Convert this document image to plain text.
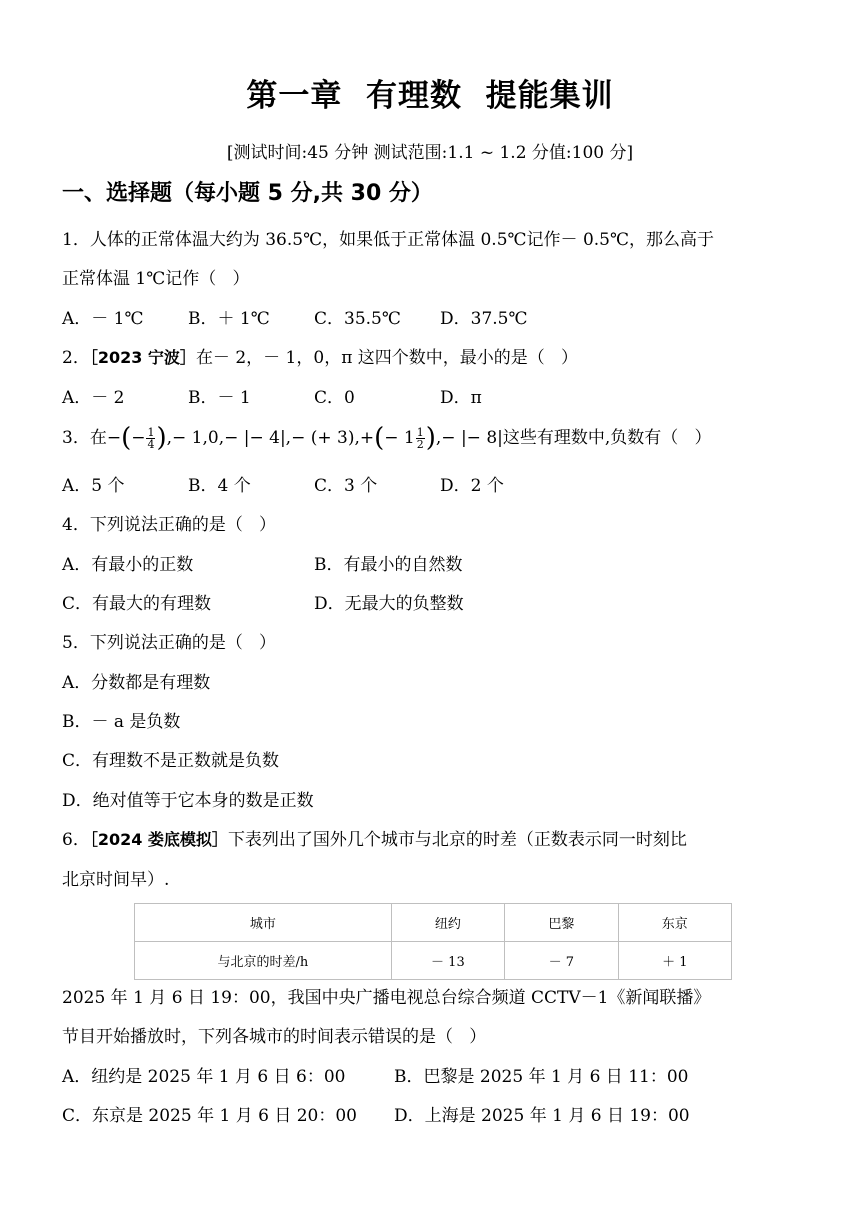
第一章  有理数  提能集训
[测试时间:45 分钟 测试范围:1.1 ~ 1.2 分值:100 分]
一、选择题（每小题 5 分,共 30 分）
1．人体的正常体温大约为 36.5℃，如果低于正常体温 0.5℃记作－ 0.5℃，那么高于
正常体温 1℃记作（   ）
A．－ 1℃	B．＋ 1℃	C．35.5℃ D．37.5℃
2．［2023 宁波］在－ 2，－ 1，0，π 这四个数中，最小的是（   ）
A．－ 2	B．－ 1	C．0	D．π
3．在−(− $\frac{1}{4}$ ),− 1,0,− |− 4|,− (+ $3),+(- 1 \frac{1}{2}$ ),− |− 8|这些有理数中,负数有（   ）
A．5 个	B．4 个	C．3 个	D．2 个
4．下列说法正确的是（   ）
A．有最小的正数	B．有最小的自然数
C．有最大的有理数	D．无最大的负整数
5．下列说法正确的是（   ）
A．分数都是有理数
B．－ a 是负数
C．有理数不是正数就是负数
D．绝对值等于它本身的数是正数
6．［2024 娄底模拟］下表列出了国外几个城市与北京的时差（正数表示同一时刻比
北京时间早）.
城市	纽约	巴黎	东京
与北京的时差/h	－ 13	－ 7	＋ 1
2025 年 1 月 6 日 19：00，我国中央广播电视总台综合频道 CCTV－1《新闻联播》
节目开始播放时，下列各城市的时间表示错误的是（   ）
A．纽约是 2025 年 1 月 6 日 6：00	B．巴黎是 2025 年 1 月 6 日 11：00
C．东京是 2025 年 1 月 6 日 20：00 D．上海是 2025 年 1 月 6 日 19：00
